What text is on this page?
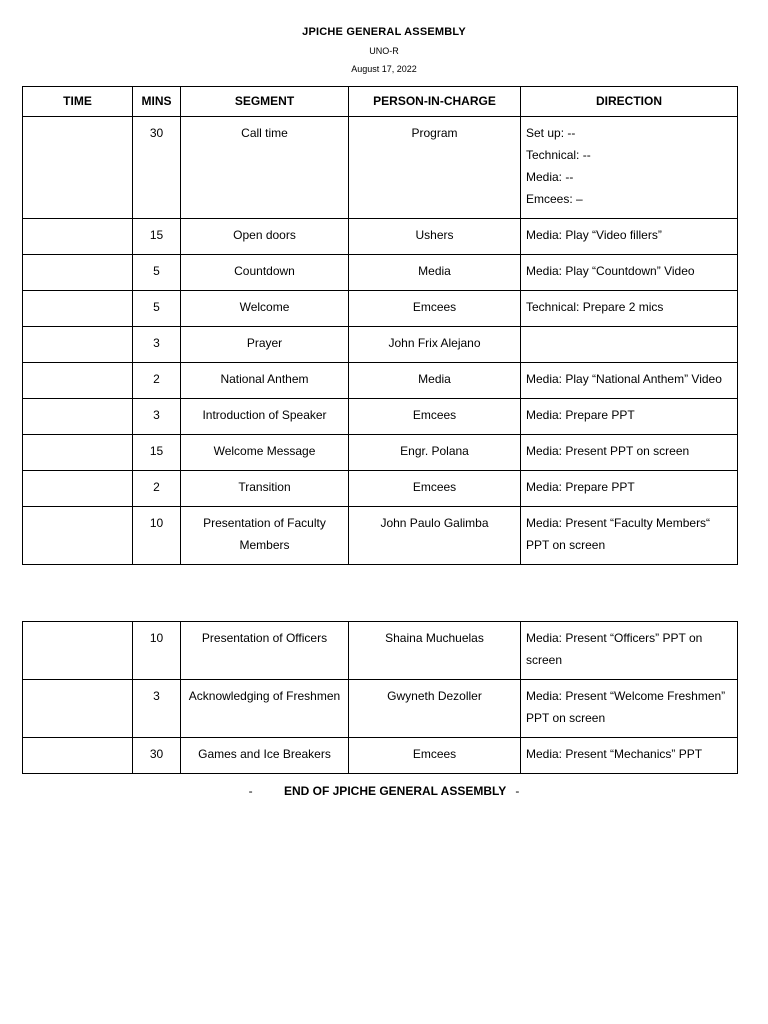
JPICHE GENERAL ASSEMBLY
UNO-R
August 17, 2022
TIME	MINS	SEGMENT	PERSON-IN-CHARGE	DIRECTION
	30	Call time	Program	Set up: --
Technical: --
Media: --
Emcees: –

	15	Open doors	Ushers	Media: Play “Video fillers”

	5	Countdown	Media	Media: Play “Countdown” Video

	5	Welcome	Emcees	Technical: Prepare 2 mics

	3	Prayer	John Frix Alejano	

	2	National Anthem	Media	Media: Play “National Anthem” Video

	3	Introduction of Speaker	Emcees	Media: Prepare PPT

	15	Welcome Message	Engr. Polana	Media: Present PPT on screen

	2	Transition	Emcees	Media: Prepare PPT

	10	Presentation of Faculty Members	John Paulo Galimba	Media: Present “Faculty Members“ PPT on screen
	10	Presentation of Officers	Shaina Muchuelas	Media: Present “Officers” PPT on screen

	3	Acknowledging of Freshmen	Gwyneth Dezoller	Media: Present “Welcome Freshmen” PPT on screen

	30	Games and Ice Breakers	Emcees	Media: Present “Mechanics” PPT
-	END OF JPICHE GENERAL ASSEMBLY -
